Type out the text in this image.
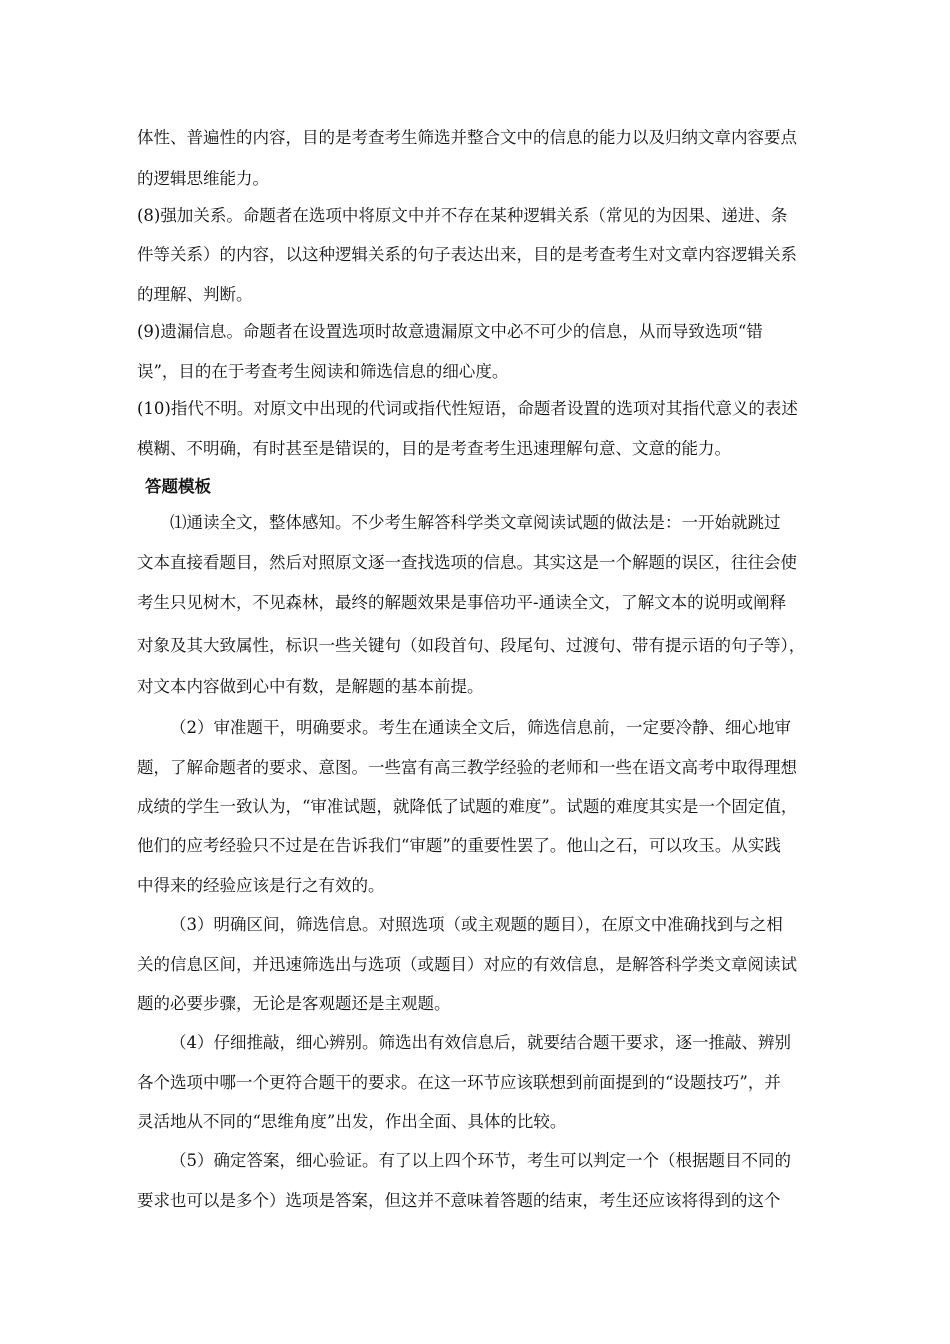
体性、普遍性的内容，目的是考查考生筛选并整合文中的信息的能力以及归纳文章内容要点
的逻辑思维能力。
(8)强加关系。命题者在选项中将原文中并不存在某种逻辑关系（常见的为因果、递进、条
件等关系）的内容，以这种逻辑关系的句子表达出来，目的是考查考生对文章内容逻辑关系
的理解、判断。
(9)遗漏信息。命题者在设置选项时故意遗漏原文中必不可少的信息，从而导致选项“错
误”，目的在于考查考生阅读和筛选信息的细心度。
(10)指代不明。对原文中出现的代词或指代性短语，命题者设置的选项对其指代意义的表述
模糊、不明确，有时甚至是错误的，目的是考查考生迅速理解句意、文意的能力。
答题模板
⑴通读全文，整体感知。不少考生解答科学类文章阅读试题的做法是：一开始就跳过
文本直接看题目，然后对照原文逐一查找选项的信息。其实这是一个解题的误区，往往会使
考生只见树木，不见森林，最终的解题效果是事倍功平-通读全文，了解文本的说明或阐释
对象及其大致属性，标识一些关键句（如段首句、段尾句、过渡句、带有提示语的句子等），
对文本内容做到心中有数，是解题的基本前提。
（2）审准题干，明确要求。考生在通读全文后，筛选信息前，一定要冷静、细心地审
题，了解命题者的要求、意图。一些富有高三教学经验的老师和一些在语文高考中取得理想
成绩的学生一致认为，“审准试题，就降低了试题的难度”。试题的难度其实是一个固定值，
他们的应考经验只不过是在告诉我们“审题”的重要性罢了。他山之石，可以攻玉。从实践
中得来的经验应该是行之有效的。
（3）明确区间，筛选信息。对照选项（或主观题的题目），在原文中准确找到与之相
关的信息区间，并迅速筛选出与选项（或题目）对应的有效信息，是解答科学类文章阅读试
题的必要步骤，无论是客观题还是主观题。
（4）仔细推敲，细心辨别。筛选出有效信息后，就要结合题干要求，逐一推敲、辨别
各个选项中哪一个更符合题干的要求。在这一环节应该联想到前面提到的“设题技巧”，并
灵活地从不同的“思维角度”出发，作出全面、具体的比较。
（5）确定答案，细心验证。有了以上四个环节，考生可以判定一个（根据题目不同的
要求也可以是多个）选项是答案，但这并不意味着答题的结束，考生还应该将得到的这个
